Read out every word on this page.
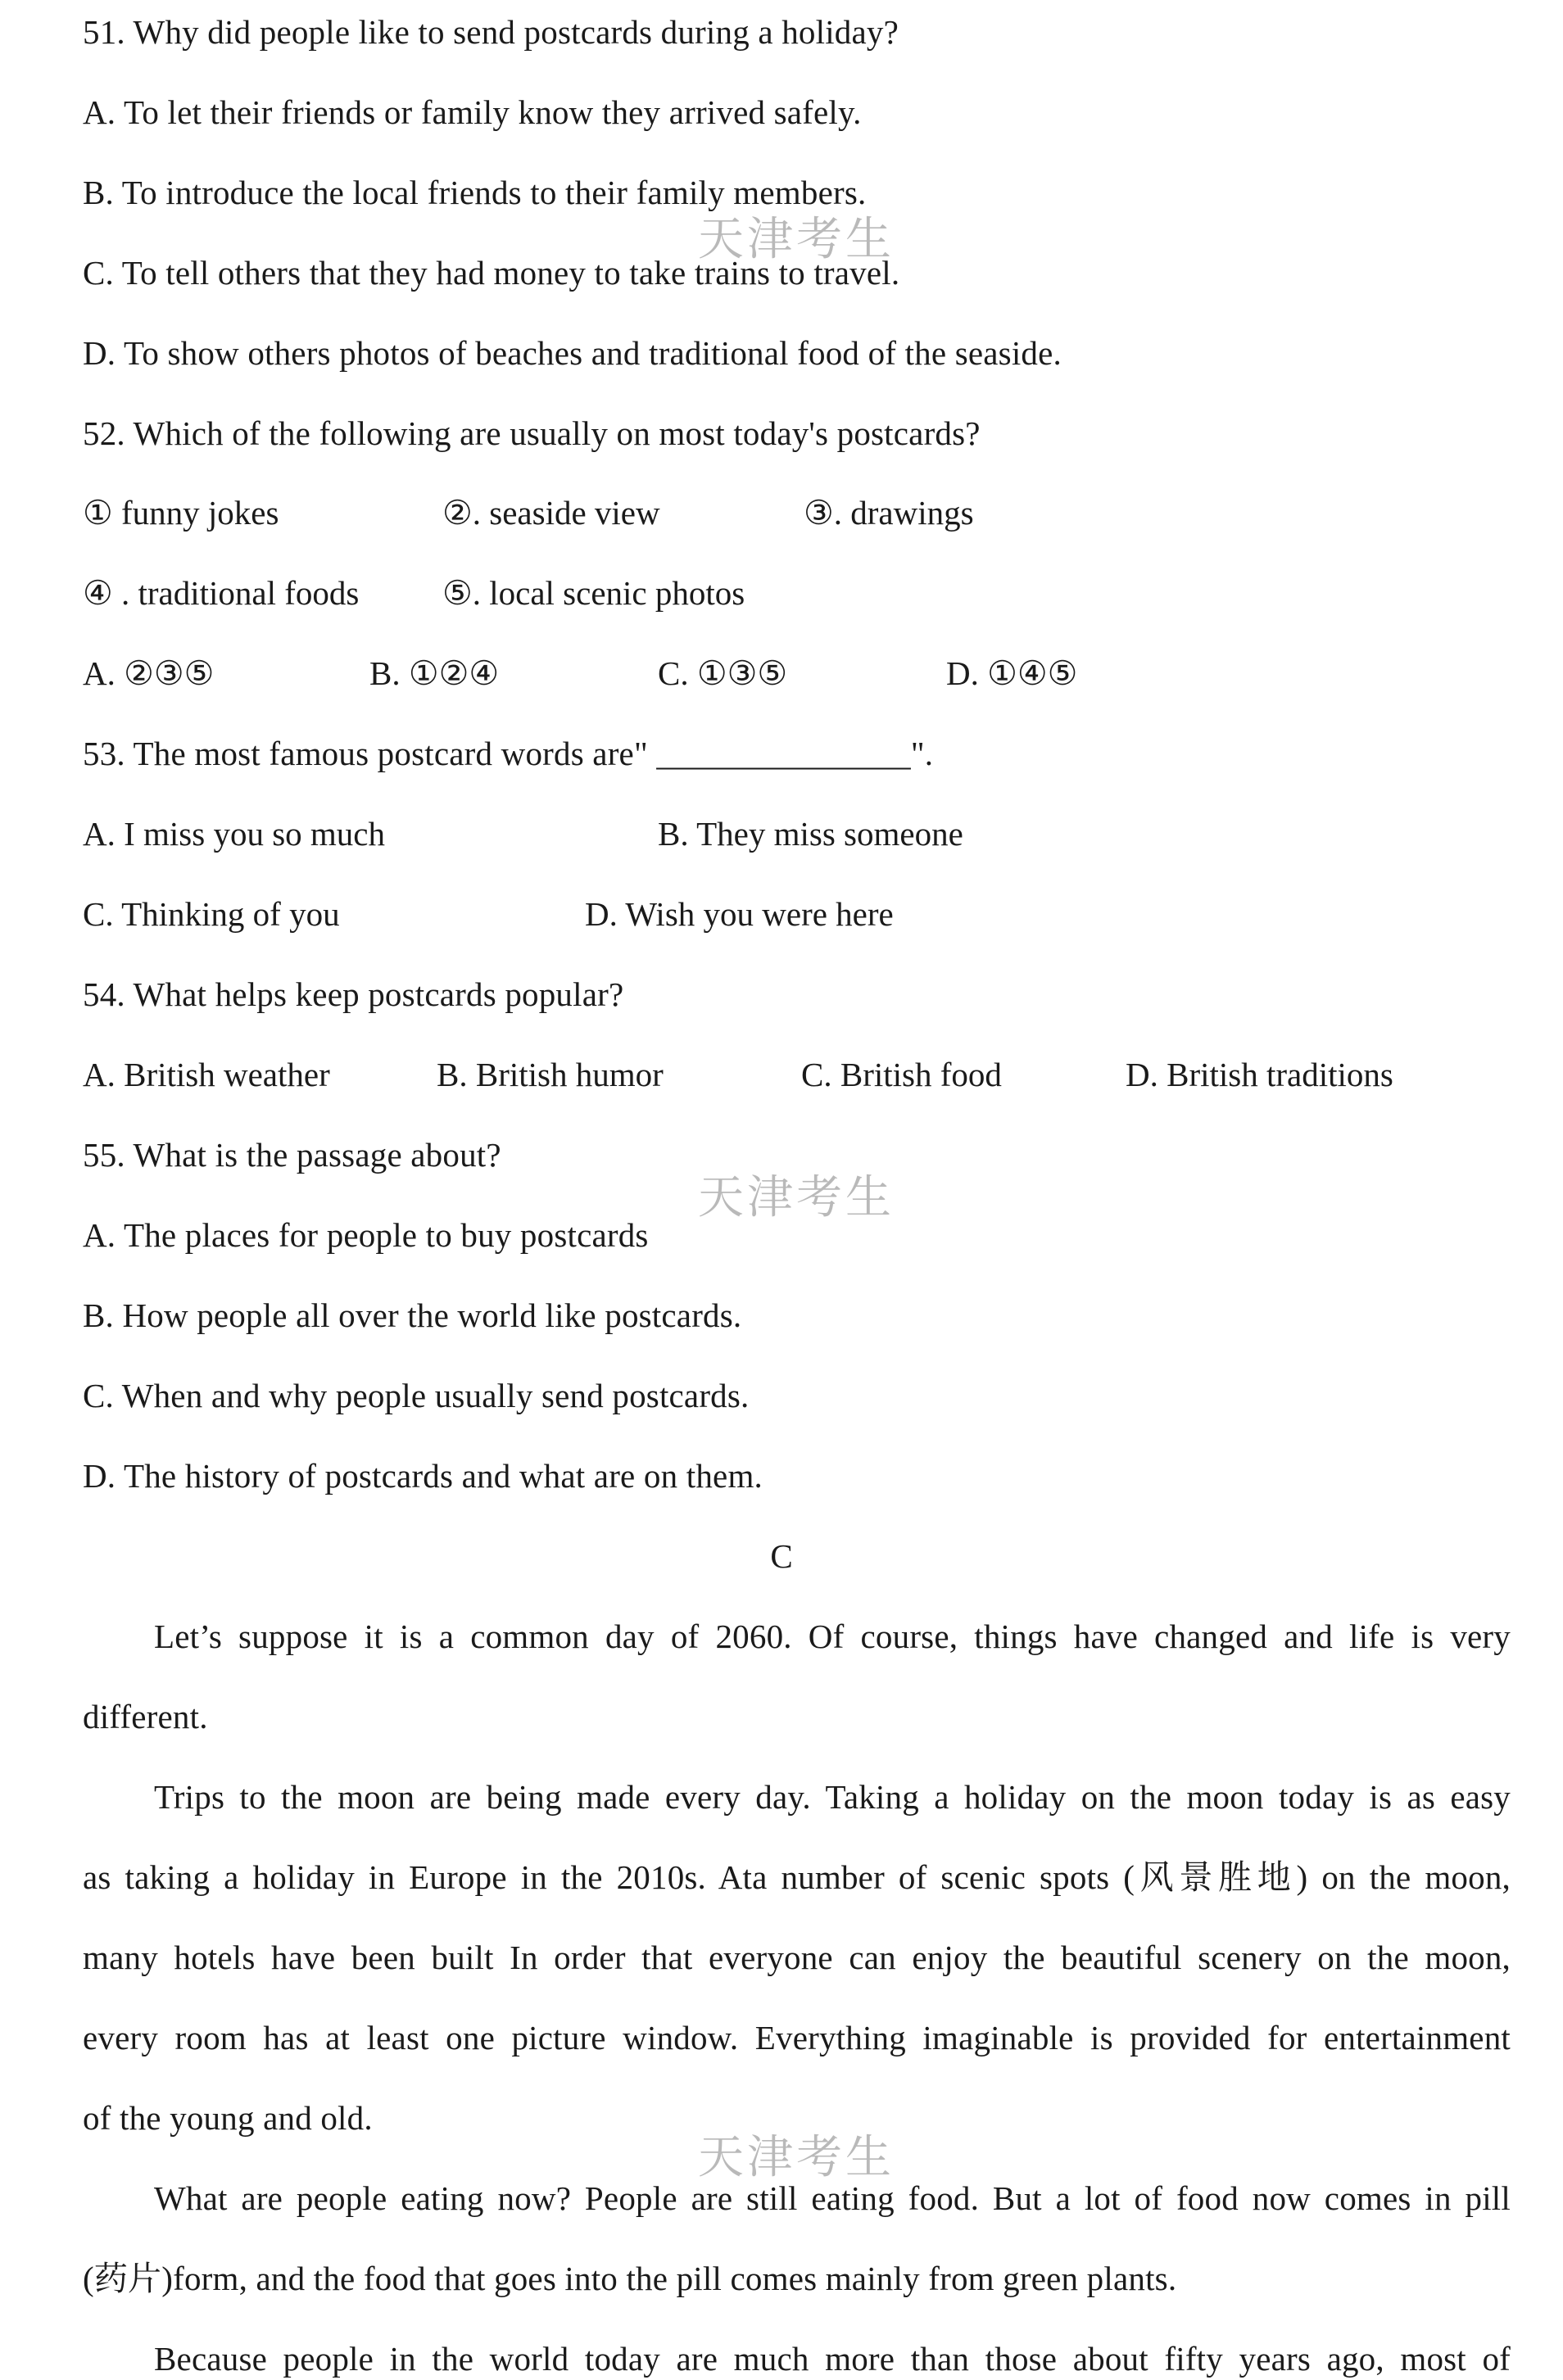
天津考生
天津考生
天津考生
51. Why did people like to send postcards during a holiday?
A. To let their friends or family know they arrived safely.
B. To introduce the local friends to their family members.
C. To tell others that they had money to take trains to travel.
D. To show others photos of beaches and traditional food of the seaside.
52. Which of the following are usually on most today's postcards?
① funny jokes	②. seaside view	③. drawings
④ . traditional foods ⑤. local scenic photos
A. ②③⑤	B. ①②④	C. ①③⑤	D. ①④⑤
53. The most famous postcard words are" _______________".
A. I miss you so much	B. They miss someone
C. Thinking of you	D. Wish you were here
54. What helps keep postcards popular?
A. British weather	B. British humor	C. British food	D. British traditions
55. What is the passage about?
A. The places for people to buy postcards
B. How people all over the world like postcards.
C. When and why people usually send postcards.
D. The history of postcards and what are on them.
C
Let’s suppose it is a common day of 2060. Of course, things have changed and life is very
different.
Trips to the moon are being made every day. Taking a holiday on the moon today is as easy
as taking a holiday in Europe in the 2010s. Ata number of scenic spots (风景胜地) on the moon,
many hotels have been built In order that everyone can enjoy the beautiful scenery on the moon,
every room has at least one picture window. Everything imaginable is provided for entertainment
of the young and old.
What are people eating now? People are still eating food. But a lot of food now comes in pill
(药片)form, and the food that goes into the pill comes mainly from green plants.
Because people in the world today are much more than those about fifty years ago, most of
